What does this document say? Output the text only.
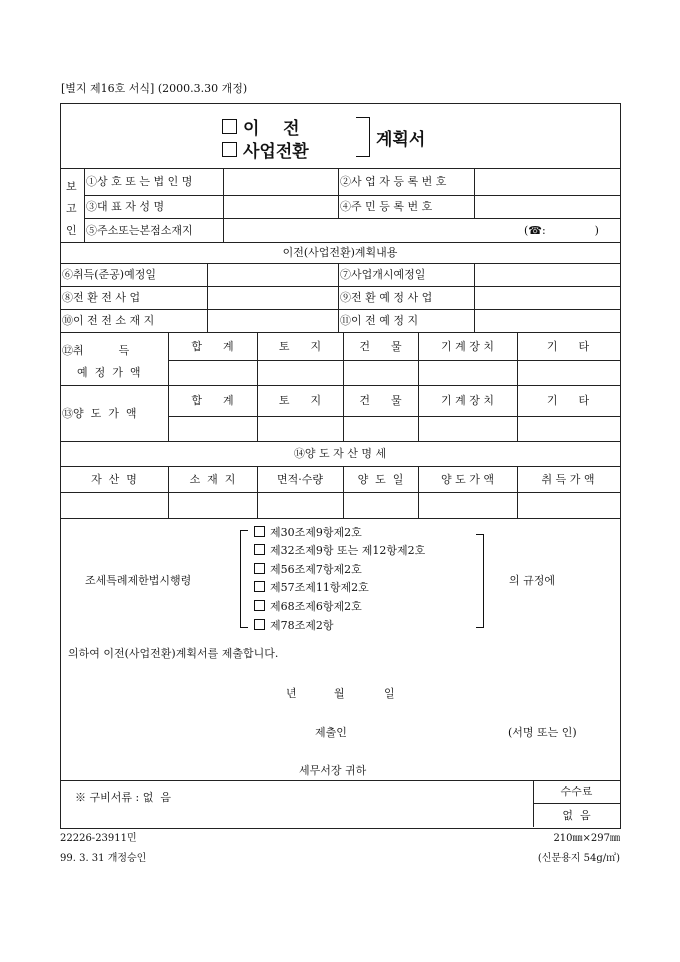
[별지 제16호 서식] (2000.3.30 개정)
이    전
사업전환
계획서
보
고
인
①상 호 또 는 법 인 명	②사 업 자 등 록 번 호
③대 표 자 성 명	④주 민 등 록 번 호
⑤주소또는본점소재지	( ☎ :              )
이전(사업전환)계획내용
⑥취득(준공)예정일	⑦사업개시예정일
⑧전 환 전 사 업	⑨전 환 예 정 사 업
⑩이 전 전 소 재 지	⑪이 전 예 정 지
⑫취          득
예  정  가  액
합      계	토      지	건      물	기 계 장 치	기      타
⑬양  도  가  액
합      계	토      지	건      물	기 계 장 치	기      타
⑭양 도 자 산 명 세
자  산  명	소  재  지	면적·수량	양  도  일	양 도 가 액	취 득 가 액
조세특례제한법시행령
제30조제9항제2호
제32조제9항 또는 제12항제2호
제56조제7항제2호
제57조제11항제2호
제68조제6항제2호
제78조제2항
의 규정에
의하여 이전(사업전환)계획서를 제출합니다.
년	월	일
제출인	(서명 또는 인)
세무서장 귀하
※ 구비서류 : 없  음	수수료
없  음
22226-23911민
99. 3. 31 개정승인
210㎜×297㎜
(신문용지 54g/㎡)
